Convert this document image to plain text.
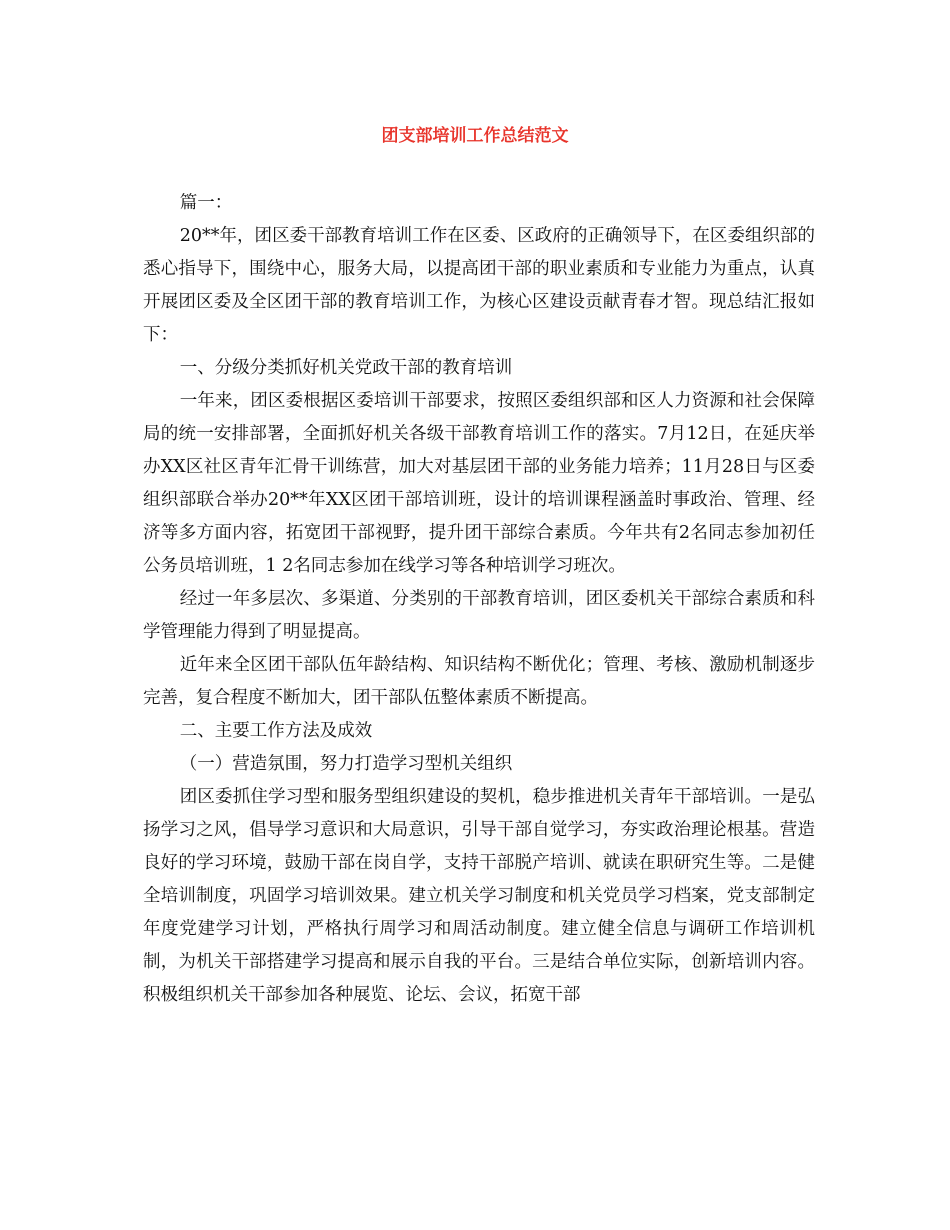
团支部培训工作总结范文

篇一：

20**年，团区委干部教育培训工作在区委、区政府的正确领导下，在区委组织部的悉心指导下，围绕中心，服务大局，以提高团干部的职业素质和专业能力为重点，认真开展团区委及全区团干部的教育培训工作，为核心区建设贡献青春才智。现总结汇报如下：

一、分级分类抓好机关党政干部的教育培训

一年来，团区委根据区委培训干部要求，按照区委组织部和区人力资源和社会保障局的统一安排部署，全面抓好机关各级干部教育培训工作的落实。7月12日，在延庆举办XX区社区青年汇骨干训练营，加大对基层团干部的业务能力培养；11月28日与区委组织部联合举办20**年XX区团干部培训班，设计的培训课程涵盖时事政治、管理、经济等多方面内容，拓宽团干部视野，提升团干部综合素质。今年共有2名同志参加初任公务员培训班，1 2名同志参加在线学习等各种培训学习班次。

经过一年多层次、多渠道、分类别的干部教育培训，团区委机关干部综合素质和科学管理能力得到了明显提高。

近年来全区团干部队伍年龄结构、知识结构不断优化；管理、考核、激励机制逐步完善，复合程度不断加大，团干部队伍整体素质不断提高。

二、主要工作方法及成效

（一）营造氛围，努力打造学习型机关组织

团区委抓住学习型和服务型组织建设的契机，稳步推进机关青年干部培训。一是弘扬学习之风，倡导学习意识和大局意识，引导干部自觉学习，夯实政治理论根基。营造良好的学习环境，鼓励干部在岗自学，支持干部脱产培训、就读在职研究生等。二是健全培训制度，巩固学习培训效果。建立机关学习制度和机关党员学习档案，党支部制定年度党建学习计划，严格执行周学习和周活动制度。建立健全信息与调研工作培训机制，为机关干部搭建学习提高和展示自我的平台。三是结合单位实际，创新培训内容。积极组织机关干部参加各种展览、论坛、会议，拓宽干部
